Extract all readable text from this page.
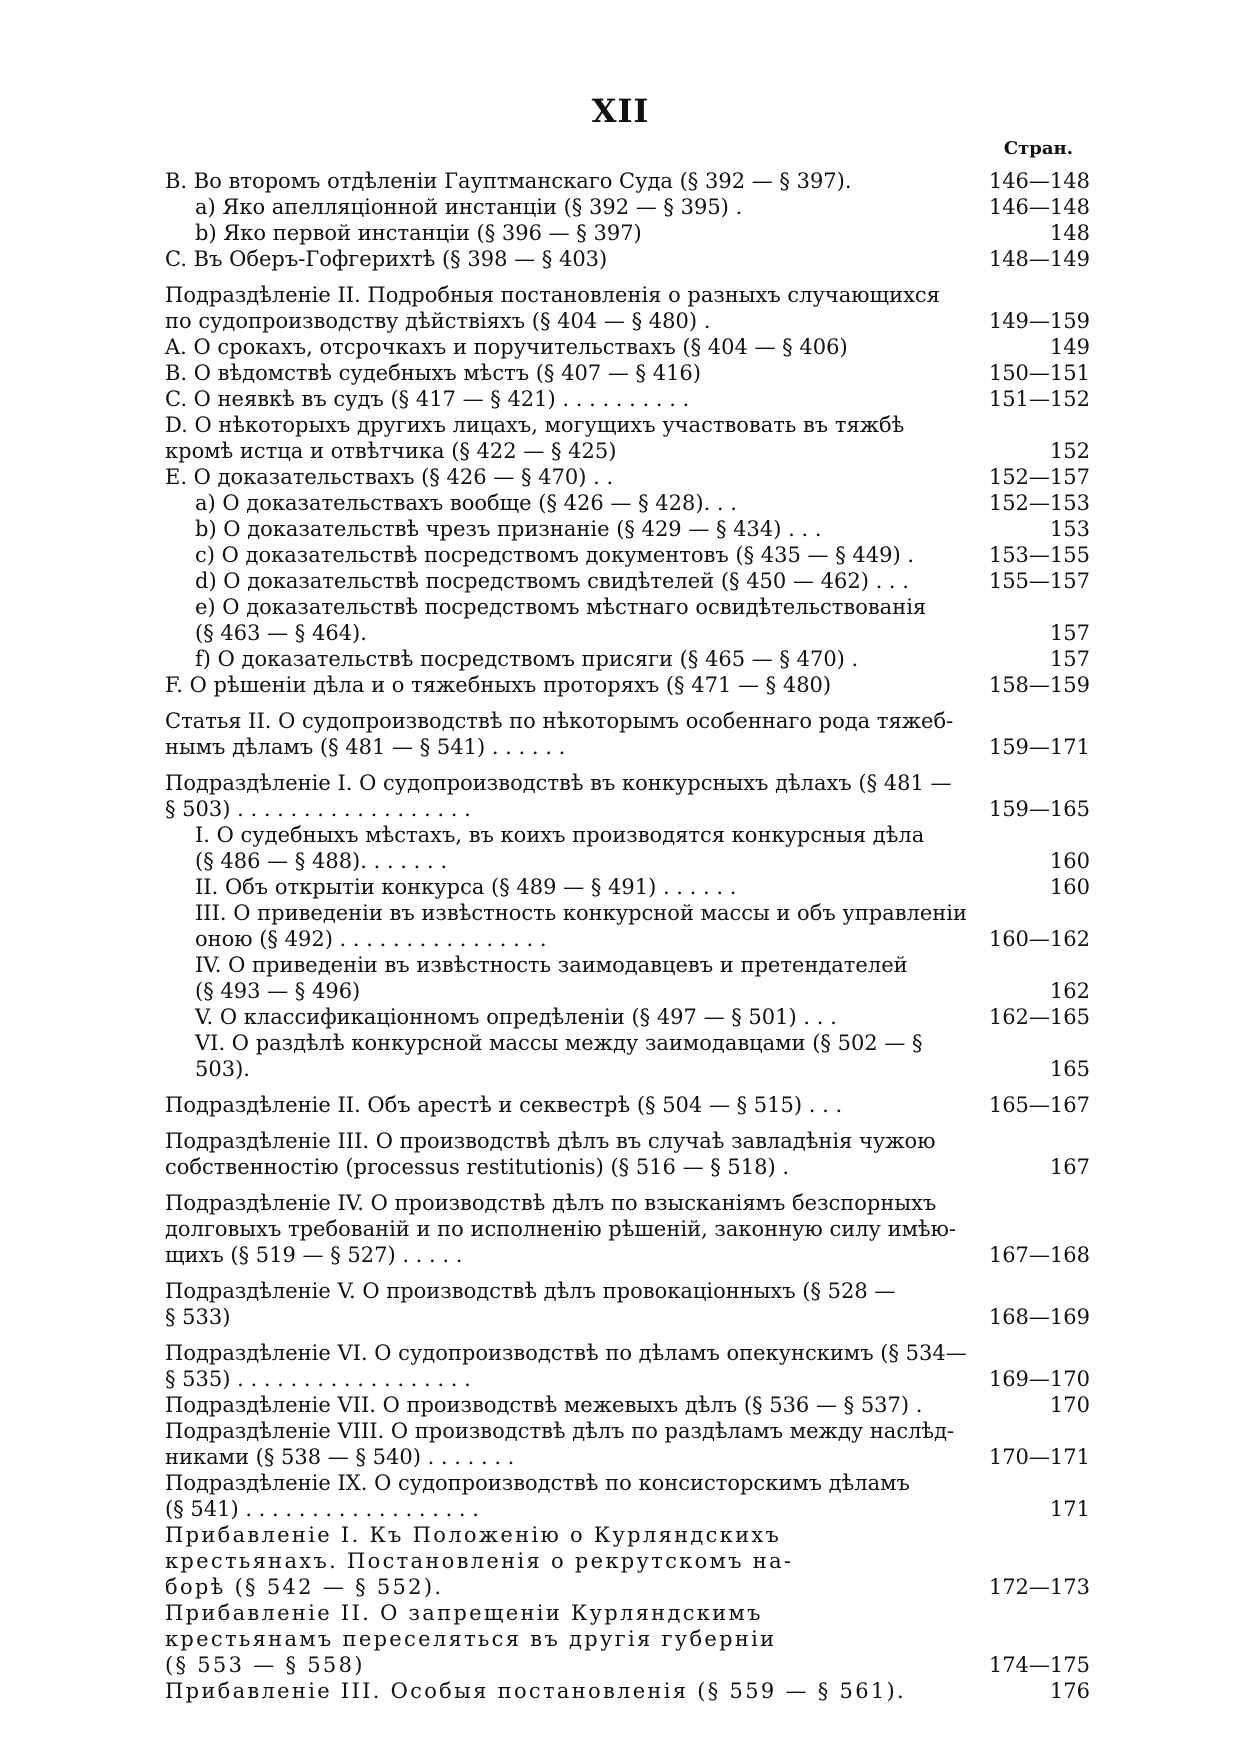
XII
Стран.
B. Во второмъ отдѣленіи Гауптманскаго Суда (§ 392 — § 397).	146—148
a) Яко апелляціонной инстанціи (§ 392 — § 395) .	146—148
b) Яко первой инстанціи (§ 396 — § 397)	148
C. Въ Оберъ-Гофгерихтѣ (§ 398 — § 403)	148—149
Подраздѣленіе II. Подробныя постановленія о разныхъ случающихся
по судопроизводству дѣйствіяхъ (§ 404 — § 480) .	149—159
A. О срокахъ, отсрочкахъ и поручительствахъ (§ 404 — § 406)	149
B. О вѣдомствѣ судебныхъ мѣстъ (§ 407 — § 416)	150—151
C. О неявкѣ въ судъ (§ 417 — § 421) . . . . . . . . . .	151—152
D. О нѣкоторыхъ другихъ лицахъ, могущихъ участвовать въ тяжбѣ
кромѣ истца и отвѣтчика (§ 422 — § 425)	152
E. О доказательствахъ (§ 426 — § 470) . .	152—157
a) О доказательствахъ вообще (§ 426 — § 428). . .	152—153
b) О доказательствѣ чрезъ признаніе (§ 429 — § 434) . . .	153
c) О доказательствѣ посредствомъ документовъ (§ 435 — § 449) .	153—155
d) О доказательствѣ посредствомъ свидѣтелей (§ 450 — 462) . . .	155—157
e) О доказательствѣ посредствомъ мѣстнаго освидѣтельствованія
(§ 463 — § 464).	157
f) О доказательствѣ посредствомъ присяги (§ 465 — § 470) .	157
F. О рѣшеніи дѣла и о тяжебныхъ проторяхъ (§ 471 — § 480)	158—159
Статья II. О судопроизводствѣ по нѣкоторымъ особеннаго рода тяжеб-
нымъ дѣламъ (§ 481 — § 541) . . . . . .	159—171
Подраздѣленіе I. О судопроизводствѣ въ конкурсныхъ дѣлахъ (§ 481 —
§ 503) . . . . . . . . . . . . . . . . . .	159—165
I. О судебныхъ мѣстахъ, въ коихъ производятся конкурсныя дѣла
(§ 486 — § 488). . . . . . .	160
II. Объ открытіи конкурса (§ 489 — § 491) . . . . . .	160
III. О приведеніи въ извѣстность конкурсной массы и объ управленіи
оною (§ 492) . . . . . . . . . . . . . . . .	160—162
IV. О приведеніи въ извѣстность заимодавцевъ и претендателей
(§ 493 — § 496)	162
V. О классификаціонномъ опредѣленіи (§ 497 — § 501) . . .	162—165
VI. О раздѣлѣ конкурсной массы между заимодавцами (§ 502 — § 503).	165
Подраздѣленіе II. Объ арестѣ и секвестрѣ (§ 504 — § 515) . . .	165—167
Подраздѣленіе III. О производствѣ дѣлъ въ случаѣ завладѣнія чужою
собственностію (processus restitutionis) (§ 516 — § 518) .	167
Подраздѣленіе IV. О производствѣ дѣлъ по взысканіямъ безспорныхъ
долговыхъ требованій и по исполненію рѣшеній, законную силу имѣю-
щихъ (§ 519 — § 527) . . . . .	167—168
Подраздѣленіе V. О производствѣ дѣлъ провокаціонныхъ (§ 528 —
§ 533)	168—169
Подраздѣленіе VI. О судопроизводствѣ по дѣламъ опекунскимъ (§ 534—
§ 535) . . . . . . . . . . . . . . . . . .	169—170
Подраздѣленіе VII. О производствѣ межевыхъ дѣлъ (§ 536 — § 537) .	170
Подраздѣленіе VIII. О производствѣ дѣлъ по раздѣламъ между наслѣд-
никами (§ 538 — § 540) . . . . . . .	170—171
Подраздѣленіе IX. О судопроизводствѣ по консисторскимъ дѣламъ
(§ 541) . . . . . . . . . . . . . . . . . .	171
Прибавленіе I. Къ Положенію о Курляндскихъ
крестьянахъ. Постановленія о рекрутскомъ на-
борѣ (§ 542 — § 552).	172—173
Прибавленіе II. О запрещеніи Курляндскимъ
крестьянамъ переселяться въ другія губерніи
(§ 553 — § 558)	174—175
Прибавленіе III. Особыя постановленія (§ 559 — § 561).	176
